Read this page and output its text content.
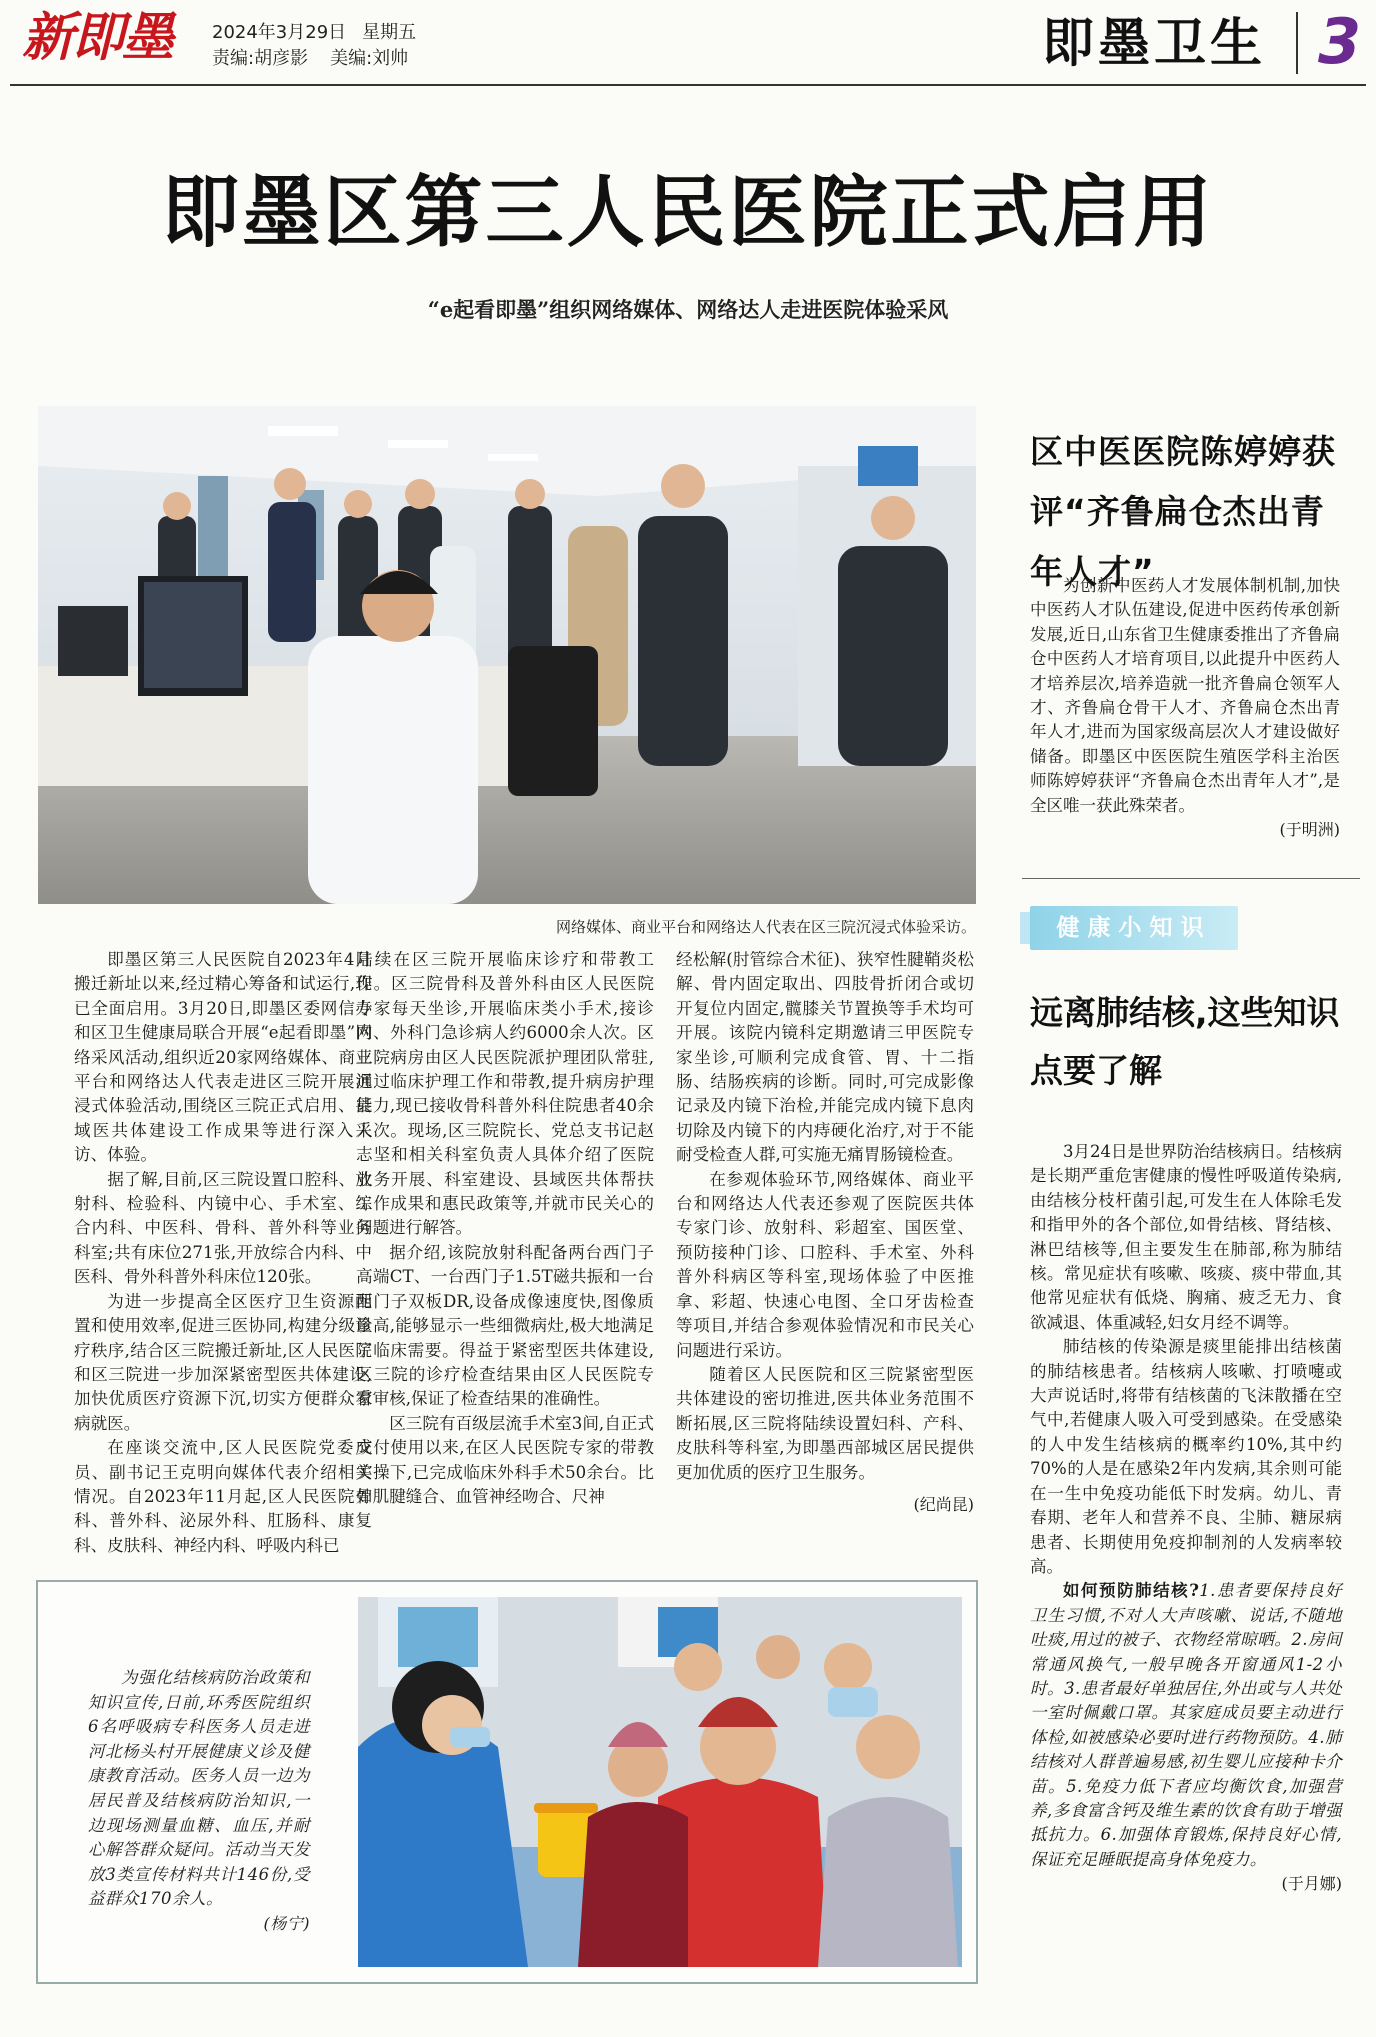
新即墨 2024年3月29日 星期五
责编:胡彦影 美编:刘帅	即墨卫生 3
即墨区第三人民医院正式启用
“e起看即墨”组织网络媒体、网络达人走进医院体验采风
网络媒体、商业平台和网络达人代表在区三院沉浸式体验采访。

即墨区第三人民医院自2023年4月搬迁新址以来,经过精心筹备和试运行,现已全面启用。3月20日,即墨区委网信办和区卫生健康局联合开展“e起看即墨”网络采风活动,组织近20家网络媒体、商业平台和网络达人代表走进区三院开展沉浸式体验活动,围绕区三院正式启用、县域医共体建设工作成果等进行深入采访、体验。

据了解,目前,区三院设置口腔科、放射科、检验科、内镜中心、手术室、综合内科、中医科、骨科、普外科等业务科室;共有床位271张,开放综合内科、中医科、骨外科普外科床位120张。

为进一步提高全区医疗卫生资源配置和使用效率,促进三医协同,构建分级诊疗秩序,结合区三院搬迁新址,区人民医院和区三院进一步加深紧密型医共体建设,加快优质医疗资源下沉,切实方便群众看病就医。

在座谈交流中,区人民医院党委成员、副书记王克明向媒体代表介绍相关情况。自2023年11月起,区人民医院骨科、普外科、泌尿外科、肛肠科、康复科、皮肤科、神经内科、呼吸内科已

陆续在区三院开展临床诊疗和带教工作。区三院骨科及普外科由区人民医院专家每天坐诊,开展临床类小手术,接诊内、外科门急诊病人约6000余人次。区三院病房由区人民医院派护理团队常驻,通过临床护理工作和带教,提升病房护理能力,现已接收骨科普外科住院患者40余人次。现场,区三院院长、党总支书记赵志坚和相关科室负责人具体介绍了医院业务开展、科室建设、县域医共体帮扶工作成果和惠民政策等,并就市民关心的问题进行解答。

据介绍,该院放射科配备两台西门子高端CT、一台西门子1.5T磁共振和一台西门子双板DR,设备成像速度快,图像质量高,能够显示一些细微病灶,极大地满足了临床需要。得益于紧密型医共体建设,区三院的诊疗检查结果由区人民医院专家审核,保证了检查结果的准确性。

区三院有百级层流手术室3间,自正式交付使用以来,在区人民医院专家的带教实操下,已完成临床外科手术50余台。比如肌腱缝合、血管神经吻合、尺神

经松解(肘管综合术征)、狭窄性腱鞘炎松解、骨内固定取出、四肢骨折闭合或切开复位内固定,髋膝关节置换等手术均可开展。该院内镜科定期邀请三甲医院专家坐诊,可顺利完成食管、胃、十二指肠、结肠疾病的诊断。同时,可完成影像记录及内镜下治检,并能完成内镜下息肉切除及内镜下的内痔硬化治疗,对于不能耐受检查人群,可实施无痛胃肠镜检查。

在参观体验环节,网络媒体、商业平台和网络达人代表还参观了医院医共体专家门诊、放射科、彩超室、国医堂、预防接种门诊、口腔科、手术室、外科普外科病区等科室,现场体验了中医推拿、彩超、快速心电图、全口牙齿检查等项目,并结合参观体验情况和市民关心问题进行采访。

随着区人民医院和区三院紧密型医共体建设的密切推进,医共体业务范围不断拓展,区三院将陆续设置妇科、产科、皮肤科等科室,为即墨西部城区居民提供更加优质的医疗卫生服务。

(纪尚昆)

为强化结核病防治政策和知识宣传,日前,环秀医院组织6名呼吸病专科医务人员走进河北杨头村开展健康义诊及健康教育活动。医务人员一边为居民普及结核病防治知识,一边现场测量血糖、血压,并耐心解答群众疑问。活动当天发放3类宣传材料共计146份,受益群众170余人。

(杨宁)
区中医医院陈婷婷获评“齐鲁扁仓杰出青年人才”

为创新中医药人才发展体制机制,加快中医药人才队伍建设,促进中医药传承创新发展,近日,山东省卫生健康委推出了齐鲁扁仓中医药人才培育项目,以此提升中医药人才培养层次,培养造就一批齐鲁扁仓领军人才、齐鲁扁仓骨干人才、齐鲁扁仓杰出青年人才,进而为国家级高层次人才建设做好储备。即墨区中医医院生殖医学科主治医师陈婷婷获评“齐鲁扁仓杰出青年人才”,是全区唯一获此殊荣者。

(于明洲)
健康小知识
远离肺结核,这些知识点要了解

3月24日是世界防治结核病日。结核病是长期严重危害健康的慢性呼吸道传染病,由结核分枝杆菌引起,可发生在人体除毛发和指甲外的各个部位,如骨结核、肾结核、淋巴结核等,但主要发生在肺部,称为肺结核。常见症状有咳嗽、咳痰、痰中带血,其他常见症状有低烧、胸痛、疲乏无力、食欲减退、体重减轻,妇女月经不调等。

肺结核的传染源是痰里能排出结核菌的肺结核患者。结核病人咳嗽、打喷嚏或大声说话时,将带有结核菌的飞沫散播在空气中,若健康人吸入可受到感染。在受感染的人中发生结核病的概率约10%,其中约70%的人是在感染2年内发病,其余则可能在一生中免疫功能低下时发病。幼儿、青春期、老年人和营养不良、尘肺、糖尿病患者、长期使用免疫抑制剂的人发病率较高。

如何预防肺结核?1.患者要保持良好卫生习惯,不对人大声咳嗽、说话,不随地吐痰,用过的被子、衣物经常晾晒。2.房间常通风换气,一般早晚各开窗通风1-2小时。3.患者最好单独居住,外出或与人共处一室时佩戴口罩。其家庭成员要主动进行体检,如被感染必要时进行药物预防。4.肺结核对人群普遍易感,初生婴儿应接种卡介苗。5.免疫力低下者应均衡饮食,加强营养,多食富含钙及维生素的饮食有助于增强抵抗力。6.加强体育锻炼,保持良好心情,保证充足睡眠提高身体免疫力。

(于月娜)
